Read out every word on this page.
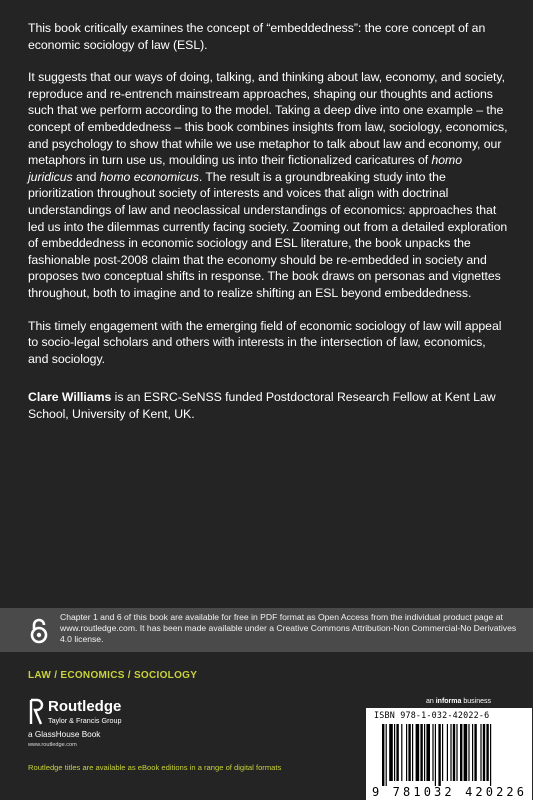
This book critically examines the concept of “embeddedness”: the core concept of an economic sociology of law (ESL).

It suggests that our ways of doing, talking, and thinking about law, economy, and society, reproduce and re-entrench mainstream approaches, shaping our thoughts and actions such that we perform according to the model. Taking a deep dive into one example – the concept of embeddedness – this book combines insights from law, sociology, economics, and psychology to show that while we use metaphor to talk about law and economy, our metaphors in turn use us, moulding us into their fictionalized caricatures of homo juridicus and homo economicus. The result is a groundbreaking study into the prioritization throughout society of interests and voices that align with doctrinal understandings of law and neoclassical understandings of economics: approaches that led us into the dilemmas currently facing society. Zooming out from a detailed exploration of embeddedness in economic sociology and ESL literature, the book unpacks the fashionable post-2008 claim that the economy should be re-embedded in society and proposes two conceptual shifts in response. The book draws on personas and vignettes throughout, both to imagine and to realize shifting an ESL beyond embeddedness.

This timely engagement with the emerging field of economic sociology of law will appeal to socio-legal scholars and others with interests in the intersection of law, economics, and sociology.

Clare Williams is an ESRC-SeNSS funded Postdoctoral Research Fellow at Kent Law School, University of Kent, UK.

Chapter 1 and 6 of this book are available for free in PDF format as Open Access from the individual product page at www.routledge.com. It has been made available under a Creative Commons Attribution-Non Commercial-No Derivatives 4.0 license.
LAW / ECONOMICS / SOCIOLOGY
Routledge
Taylor & Francis Group
a GlassHouse Book
www.routledge.com
Routledge titles are available as eBook editions in a range of digital formats
an informa business
ISBN 978-1-032-42022-6
9 781032 420226
